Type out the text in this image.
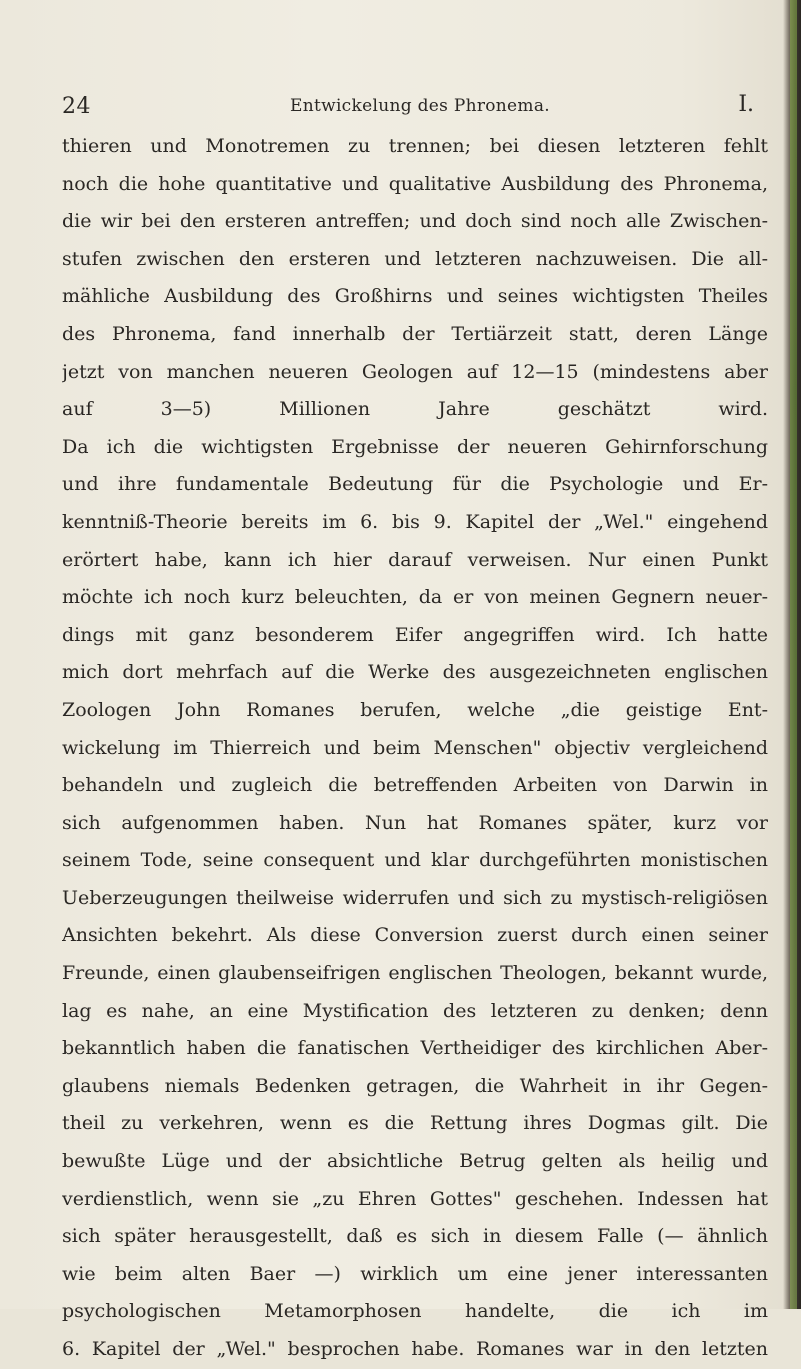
24	Entwickelung des Phronema.	I.
thieren und Monotremen zu trennen; bei diesen letzteren fehlt
noch die hohe quantitative und qualitative Ausbildung des Phronema,
die wir bei den ersteren antreffen; und doch sind noch alle Zwischen-
stufen zwischen den ersteren und letzteren nachzuweisen. Die all-
mähliche Ausbildung des Großhirns und seines wichtigsten Theiles
des Phronema, fand innerhalb der Tertiärzeit statt, deren Länge
jetzt von manchen neueren Geologen auf 12—15 (mindestens aber
auf 3—5) Millionen Jahre geschätzt wird.
Da ich die wichtigsten Ergebnisse der neueren Gehirnforschung
und ihre fundamentale Bedeutung für die Psychologie und Er-
kenntniß-Theorie bereits im 6. bis 9. Kapitel der „Wel." eingehend
erörtert habe, kann ich hier darauf verweisen. Nur einen Punkt
möchte ich noch kurz beleuchten, da er von meinen Gegnern neuer-
dings mit ganz besonderem Eifer angegriffen wird. Ich hatte
mich dort mehrfach auf die Werke des ausgezeichneten englischen
Zoologen John Romanes berufen, welche „die geistige Ent-
wickelung im Thierreich und beim Menschen" objectiv vergleichend
behandeln und zugleich die betreffenden Arbeiten von Darwin in
sich aufgenommen haben. Nun hat Romanes später, kurz vor
seinem Tode, seine consequent und klar durchgeführten monistischen
Ueberzeugungen theilweise widerrufen und sich zu mystisch-religiösen
Ansichten bekehrt. Als diese Conversion zuerst durch einen seiner
Freunde, einen glaubenseifrigen englischen Theologen, bekannt wurde,
lag es nahe, an eine Mystification des letzteren zu denken; denn
bekanntlich haben die fanatischen Vertheidiger des kirchlichen Aber-
glaubens niemals Bedenken getragen, die Wahrheit in ihr Gegen-
theil zu verkehren, wenn es die Rettung ihres Dogmas gilt. Die
bewußte Lüge und der absichtliche Betrug gelten als heilig und
verdienstlich, wenn sie „zu Ehren Gottes" geschehen. Indessen hat
sich später herausgestellt, daß es sich in diesem Falle (— ähnlich
wie beim alten Baer —) wirklich um eine jener interessanten
psychologischen Metamorphosen handelte, die ich im
6. Kapitel der „Wel." besprochen habe. Romanes war in den letzten
